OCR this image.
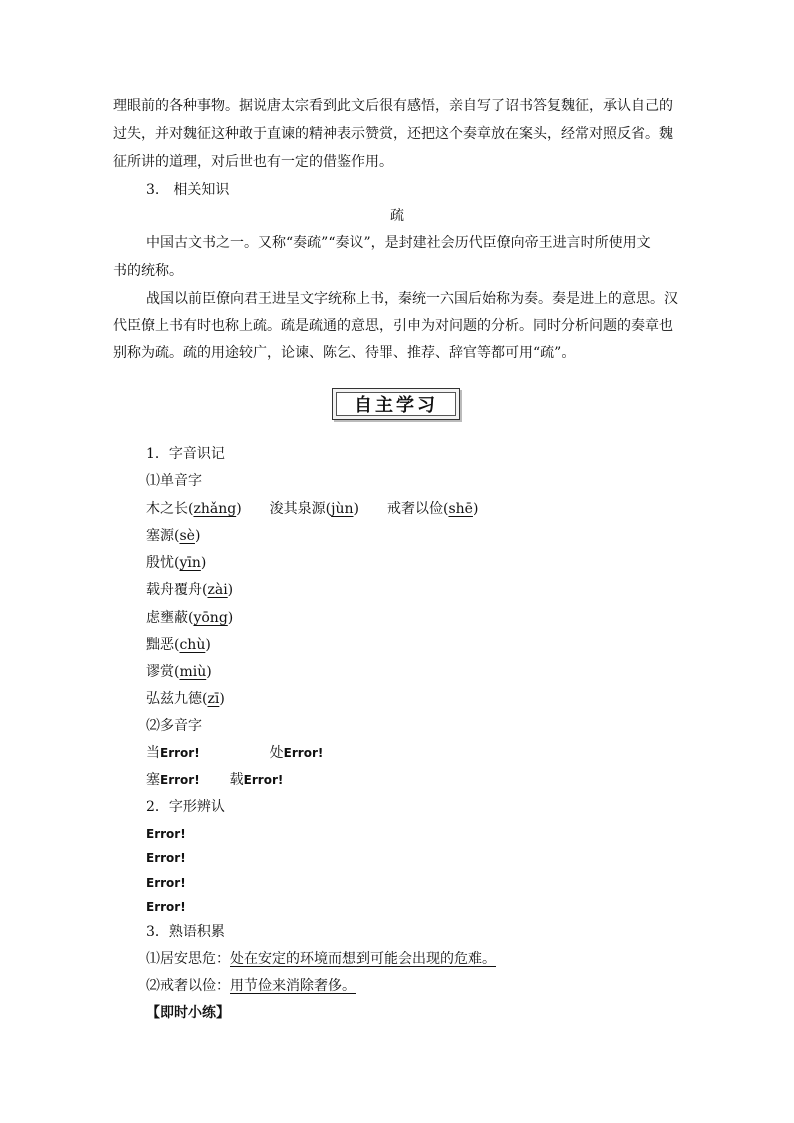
理眼前的各种事物。据说唐太宗看到此文后很有感悟，亲自写了诏书答复魏征，承认自己的
过失，并对魏征这种敢于直谏的精神表示赞赏，还把这个奏章放在案头，经常对照反省。魏
征所讲的道理，对后世也有一定的借鉴作用。
3.　相关知识
疏
中国古文书之一。又称“奏疏”“奏议”，是封建社会历代臣僚向帝王进言时所使用文
书的统称。
战国以前臣僚向君王进呈文字统称上书，秦统一六国后始称为奏。奏是进上的意思。汉
代臣僚上书有时也称上疏。疏是疏通的意思，引申为对问题的分析。同时分析问题的奏章也
别称为疏。疏的用途较广，论谏、陈乞、待罪、推荐、辞官等都可用“疏”。
自主学习
1．字音识记
⑴单音字
木之长(zhǎng) 浚其泉源(jùn) 戒奢以俭(shē)
塞源(sè)
殷忧(yīn)
载舟覆舟(zài)
虑壅蔽(yōng)
黜恶(chù)
谬赏(miù)
弘兹九德(zī)
⑵多音字
当Error!	处Error!
塞Error! 载Error!
2．字形辨认
Error!
Error!
Error!
Error!
3．熟语积累
⑴居安思危：处在安定的环境而想到可能会出现的危难。
⑵戒奢以俭：用节俭来消除奢侈。
【即时小练】
